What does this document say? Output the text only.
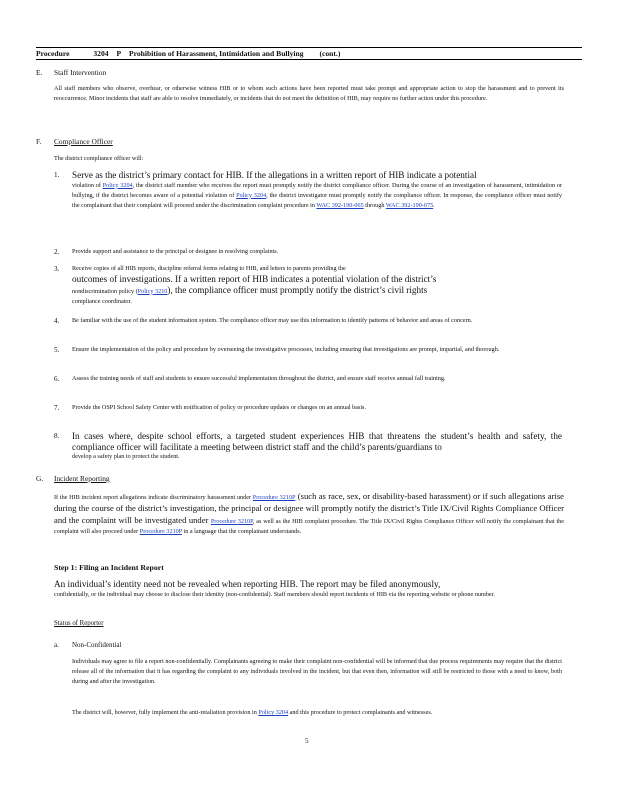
Procedure	3204 P Prohibition of Harassment, Intimidation and Bullying (cont.)
E. Staff Intervention
All staff members who observe, overhear, or otherwise witness HIB or to whom such actions have been reported must take prompt and appropriate action to stop the harassment and to prevent its reoccurrence. Minor incidents that staff are able to resolve immediately, or incidents that do not meet the definition of HIB, may require no further action under this procedure.
F. Compliance Officer
The district compliance officer will:
1. Serve as the district’s primary contact for HIB. If the allegations in a written report of HIB indicate a potential
violation of Policy 3204, the district staff member who receives the report must promptly notify the district compliance officer. During the course of an investigation of harassment, intimidation or bullying, if the district becomes aware of a potential violation of Policy 3204, the district investigator must promptly notify the compliance officer. In response, the compliance officer must notify the complainant that their complaint will proceed under the discrimination complaint procedure in WAC 392-190-065 through WAC 392-190-075.
2. Provide support and assistance to the principal or designee in resolving complaints.
3. Receive copies of all HIB reports, discipline referral forms relating to HIB, and letters to parents providing the
outcomes of investigations. If a written report of HIB indicates a potential violation of the district’s
nondiscrimination policy (Policy 3210), the compliance officer must promptly notify the district’s civil rights
compliance coordinator.
4. Be familiar with the use of the student information system. The compliance officer may use this information to identify patterns of behavior and areas of concern.
5. Ensure the implementation of the policy and procedure by overseeing the investigative processes, including ensuring that investigations are prompt, impartial, and thorough.
6. Assess the training needs of staff and students to ensure successful implementation throughout the district, and ensure staff receive annual fall training.
7. Provide the OSPI School Safety Center with notification of policy or procedure updates or changes on an annual basis.
8. In cases where, despite school efforts, a targeted student experiences HIB that threatens the student’s health and safety, the compliance officer will facilitate a meeting between district staff and the child’s parents/guardians to
develop a safety plan to protect the student.
G. Incident Reporting
If the HIB incident report allegations indicate discriminatory harassment under Procedure 3210P (such as race, sex, or disability-based harassment) or if such allegations arise during the course of the district’s investigation, the principal or designee will promptly notify the district’s Title IX/Civil Rights Compliance Officer and the complaint will be investigated under Procedure 3210P, as well as the HIB complaint procedure. The Title IX/Civil Rights Compliance Officer will notify the complainant that the complaint will also proceed under Procedure 3210P in a language that the complainant understands.
Step 1: Filing an Incident Report
An individual’s identity need not be revealed when reporting HIB. The report may be filed anonymously,
confidentially, or the individual may choose to disclose their identity (non-confidential). Staff members should report incidents of HIB via the reporting website or phone number.
Status of Reporter
a. Non-Confidential
Individuals may agree to file a report non-confidentially. Complainants agreeing to make their complaint non-confidential will be informed that due process requirements may require that the district release all of the information that it has regarding the complaint to any individuals involved in the incident, but that even then, information will still be restricted to those with a need to know, both during and after the investigation.
The district will, however, fully implement the anti-retaliation provision in Policy 3204 and this procedure to protect complainants and witnesses.
5
